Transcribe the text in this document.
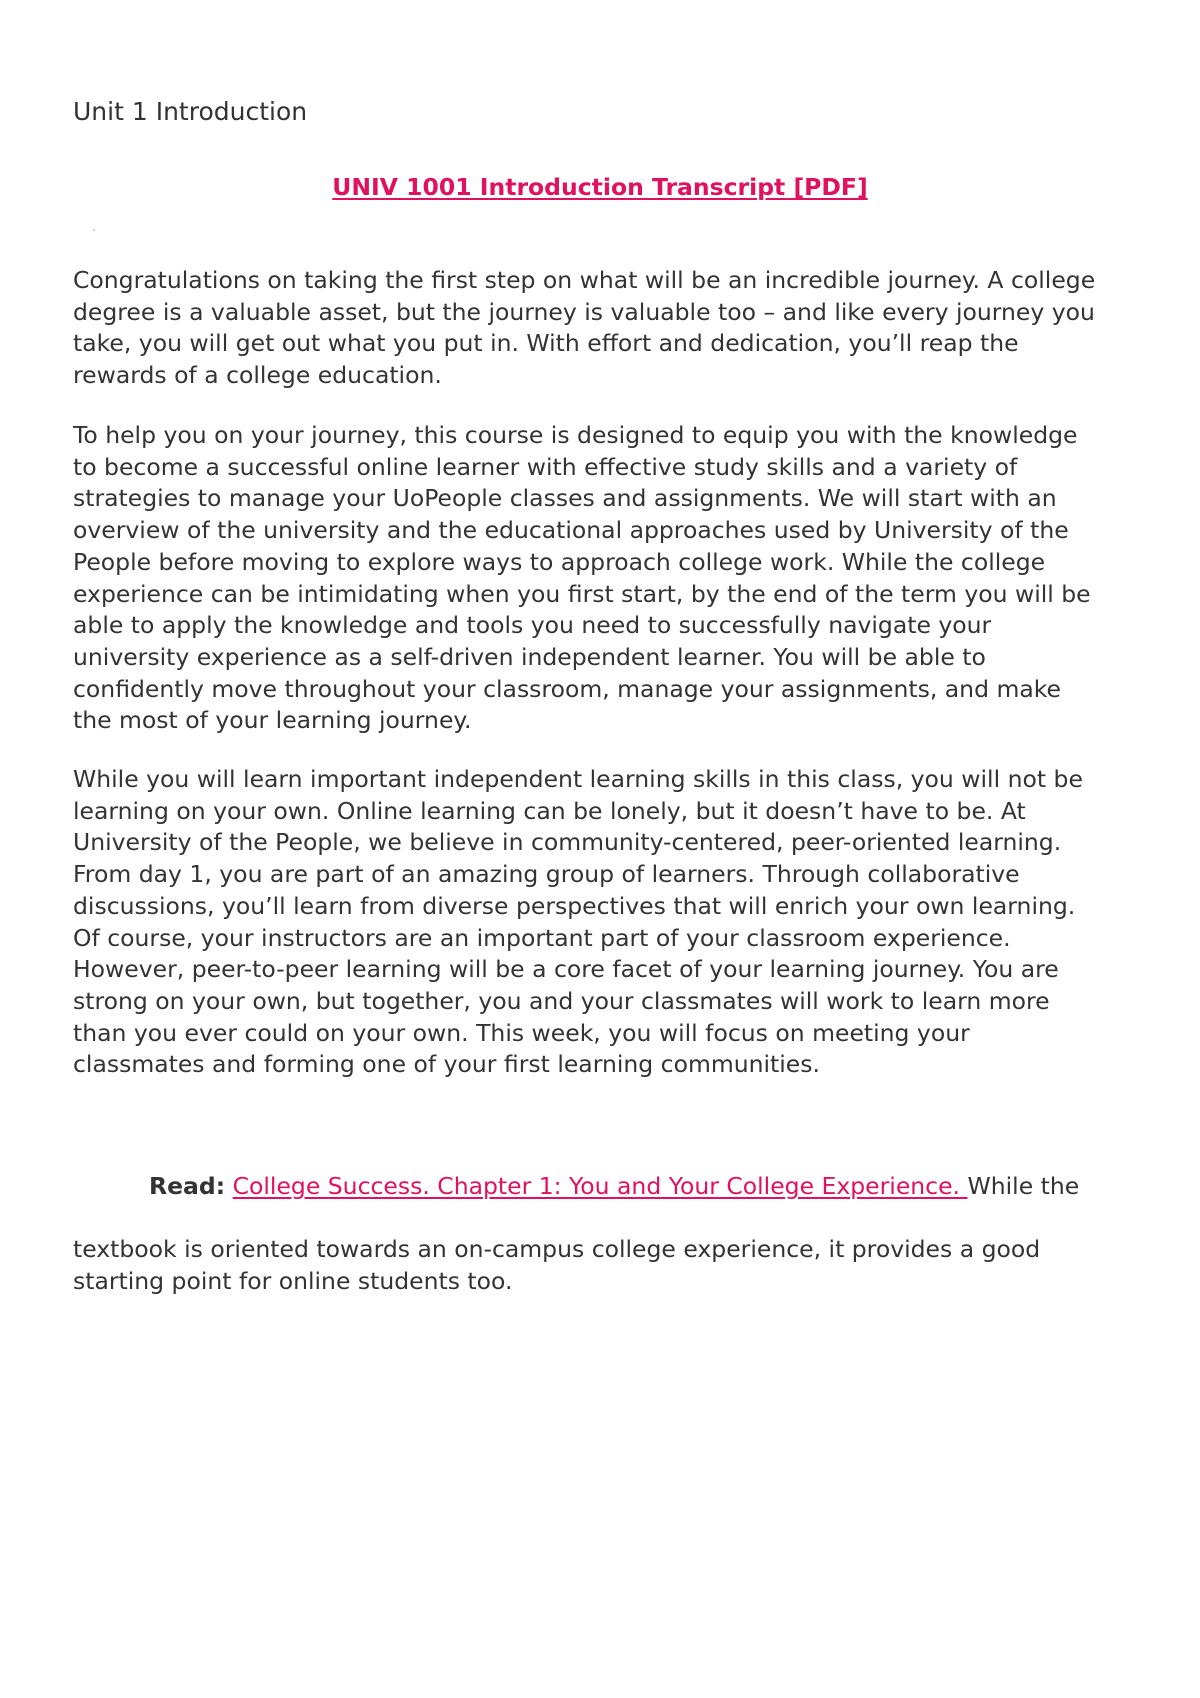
Unit 1 Introduction
UNIV 1001 Introduction Transcript [PDF]

Congratulations on taking the first step on what will be an incredible journey. A college
degree is a valuable asset, but the journey is valuable too – and like every journey you
take, you will get out what you put in. With effort and dedication, you’ll reap the
rewards of a college education.

To help you on your journey, this course is designed to equip you with the knowledge
to become a successful online learner with effective study skills and a variety of
strategies to manage your UoPeople classes and assignments. We will start with an
overview of the university and the educational approaches used by University of the
People before moving to explore ways to approach college work. While the college
experience can be intimidating when you first start, by the end of the term you will be
able to apply the knowledge and tools you need to successfully navigate your
university experience as a self-driven independent learner. You will be able to
confidently move throughout your classroom, manage your assignments, and make
the most of your learning journey.

While you will learn important independent learning skills in this class, you will not be
learning on your own. Online learning can be lonely, but it doesn’t have to be. At
University of the People, we believe in community-centered, peer-oriented learning.
From day 1, you are part of an amazing group of learners. Through collaborative
discussions, you’ll learn from diverse perspectives that will enrich your own learning.
Of course, your instructors are an important part of your classroom experience.
However, peer-to-peer learning will be a core facet of your learning journey. You are
strong on your own, but together, you and your classmates will work to learn more
than you ever could on your own. This week, you will focus on meeting your
classmates and forming one of your first learning communities.

Read: College Success. Chapter 1: You and Your College Experience. While the

textbook is oriented towards an on-campus college experience, it provides a good
starting point for online students too.
